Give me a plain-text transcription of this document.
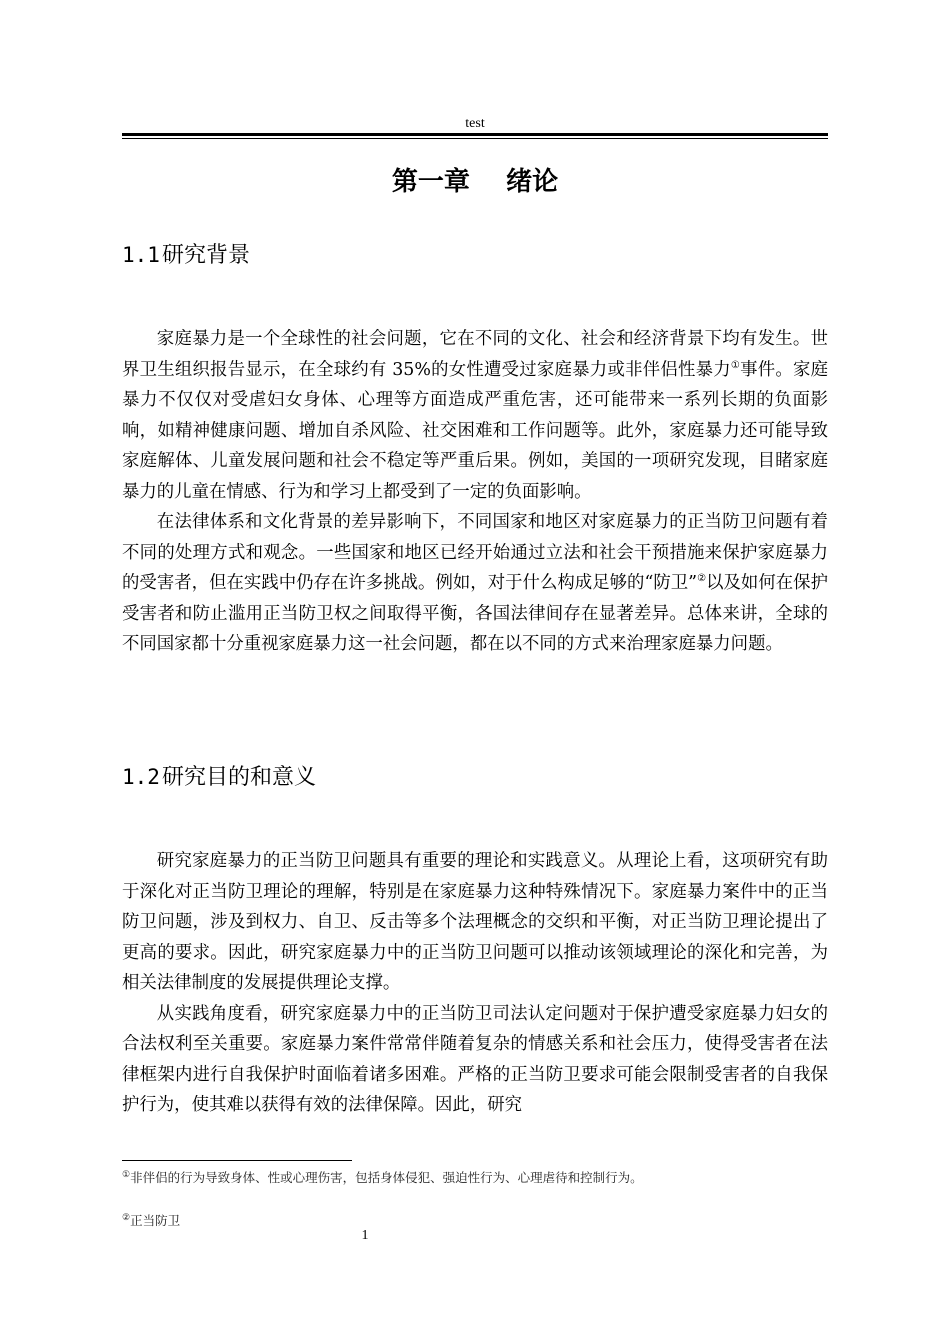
test
第一章    绪论
1.1研究背景

家庭暴力是一个全球性的社会问题，它在不同的文化、社会和经济背景下均有发生。世界卫生组织报告显示，在全球约有 35%的女性遭受过家庭暴力或非伴侣性暴力①事件。家庭暴力不仅仅对受虐妇女身体、心理等方面造成严重危害，还可能带来一系列长期的负面影响，如精神健康问题、增加自杀风险、社交困难和工作问题等。此外，家庭暴力还可能导致家庭解体、儿童发展问题和社会不稳定等严重后果。例如，美国的一项研究发现，目睹家庭暴力的儿童在情感、行为和学习上都受到了一定的负面影响。

在法律体系和文化背景的差异影响下，不同国家和地区对家庭暴力的正当防卫问题有着不同的处理方式和观念。一些国家和地区已经开始通过立法和社会干预措施来保护家庭暴力的受害者，但在实践中仍存在许多挑战。例如，对于什么构成足够的“防卫”②以及如何在保护受害者和防止滥用正当防卫权之间取得平衡，各国法律间存在显著差异。总体来讲，全球的不同国家都十分重视家庭暴力这一社会问题，都在以不同的方式来治理家庭暴力问题。

1.2研究目的和意义

研究家庭暴力的正当防卫问题具有重要的理论和实践意义。从理论上看，这项研究有助于深化对正当防卫理论的理解，特别是在家庭暴力这种特殊情况下。家庭暴力案件中的正当防卫问题，涉及到权力、自卫、反击等多个法理概念的交织和平衡，对正当防卫理论提出了更高的要求。因此，研究家庭暴力中的正当防卫问题可以推动该领域理论的深化和完善，为相关法律制度的发展提供理论支撑。

从实践角度看，研究家庭暴力中的正当防卫司法认定问题对于保护遭受家庭暴力妇女的合法权利至关重要。家庭暴力案件常常伴随着复杂的情感关系和社会压力，使得受害者在法律框架内进行自我保护时面临着诸多困难。严格的正当防卫要求可能会限制受害者的自我保护行为，使其难以获得有效的法律保障。因此，研究

①非伴侣的行为导致身体、性或心理伤害，包括身体侵犯、强迫性行为、心理虐待和控制行为。
②正当防卫
1
